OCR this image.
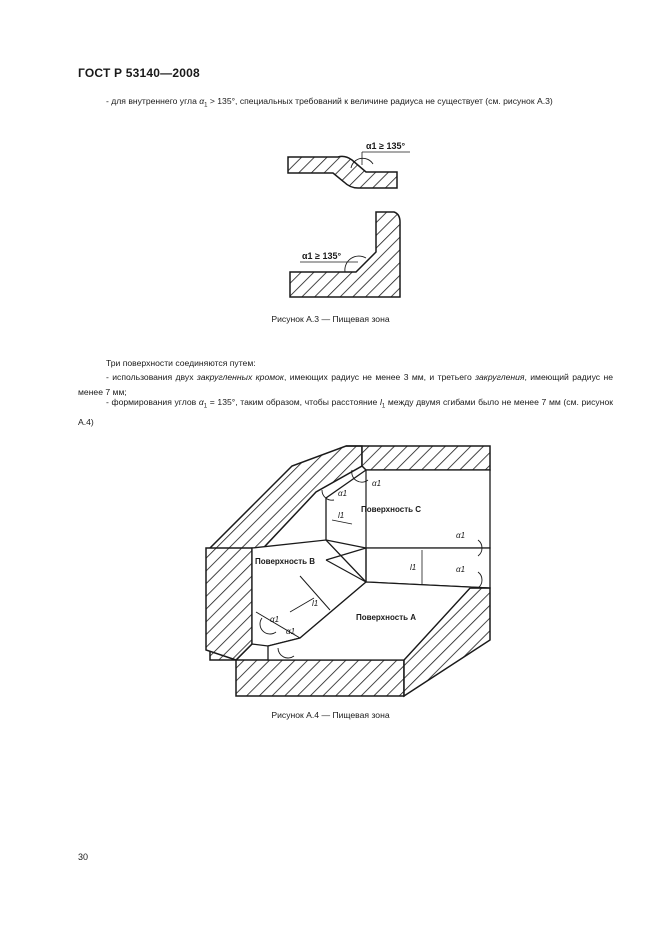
ГОСТ Р 53140—2008
- для внутреннего угла $\alpha_1 > 135^\circ$, специальных требований к величине радиуса не существует (см. рисунок А.3)
α1 ≥ 135°
α1 ≥ 135°
Поверхность С
Поверхность В
Поверхность А
α1
α1
α1
α1
α1
α1
l1
l1
l1
Рисунок А.3 — Пищевая зона
Три поверхности соединяются путем:
- использования двух закругленных кромок, имеющих радиус не менее 3 мм, и третьего закругления, имеющий радиус не менее 7 мм;
- формирования углов $\alpha_1 = 135^\circ$, таким образом, чтобы расстояние $l_1$ между двумя сгибами было не менее 7 мм (см. рисунок А.4)
Рисунок А.4 — Пищевая зона
30
